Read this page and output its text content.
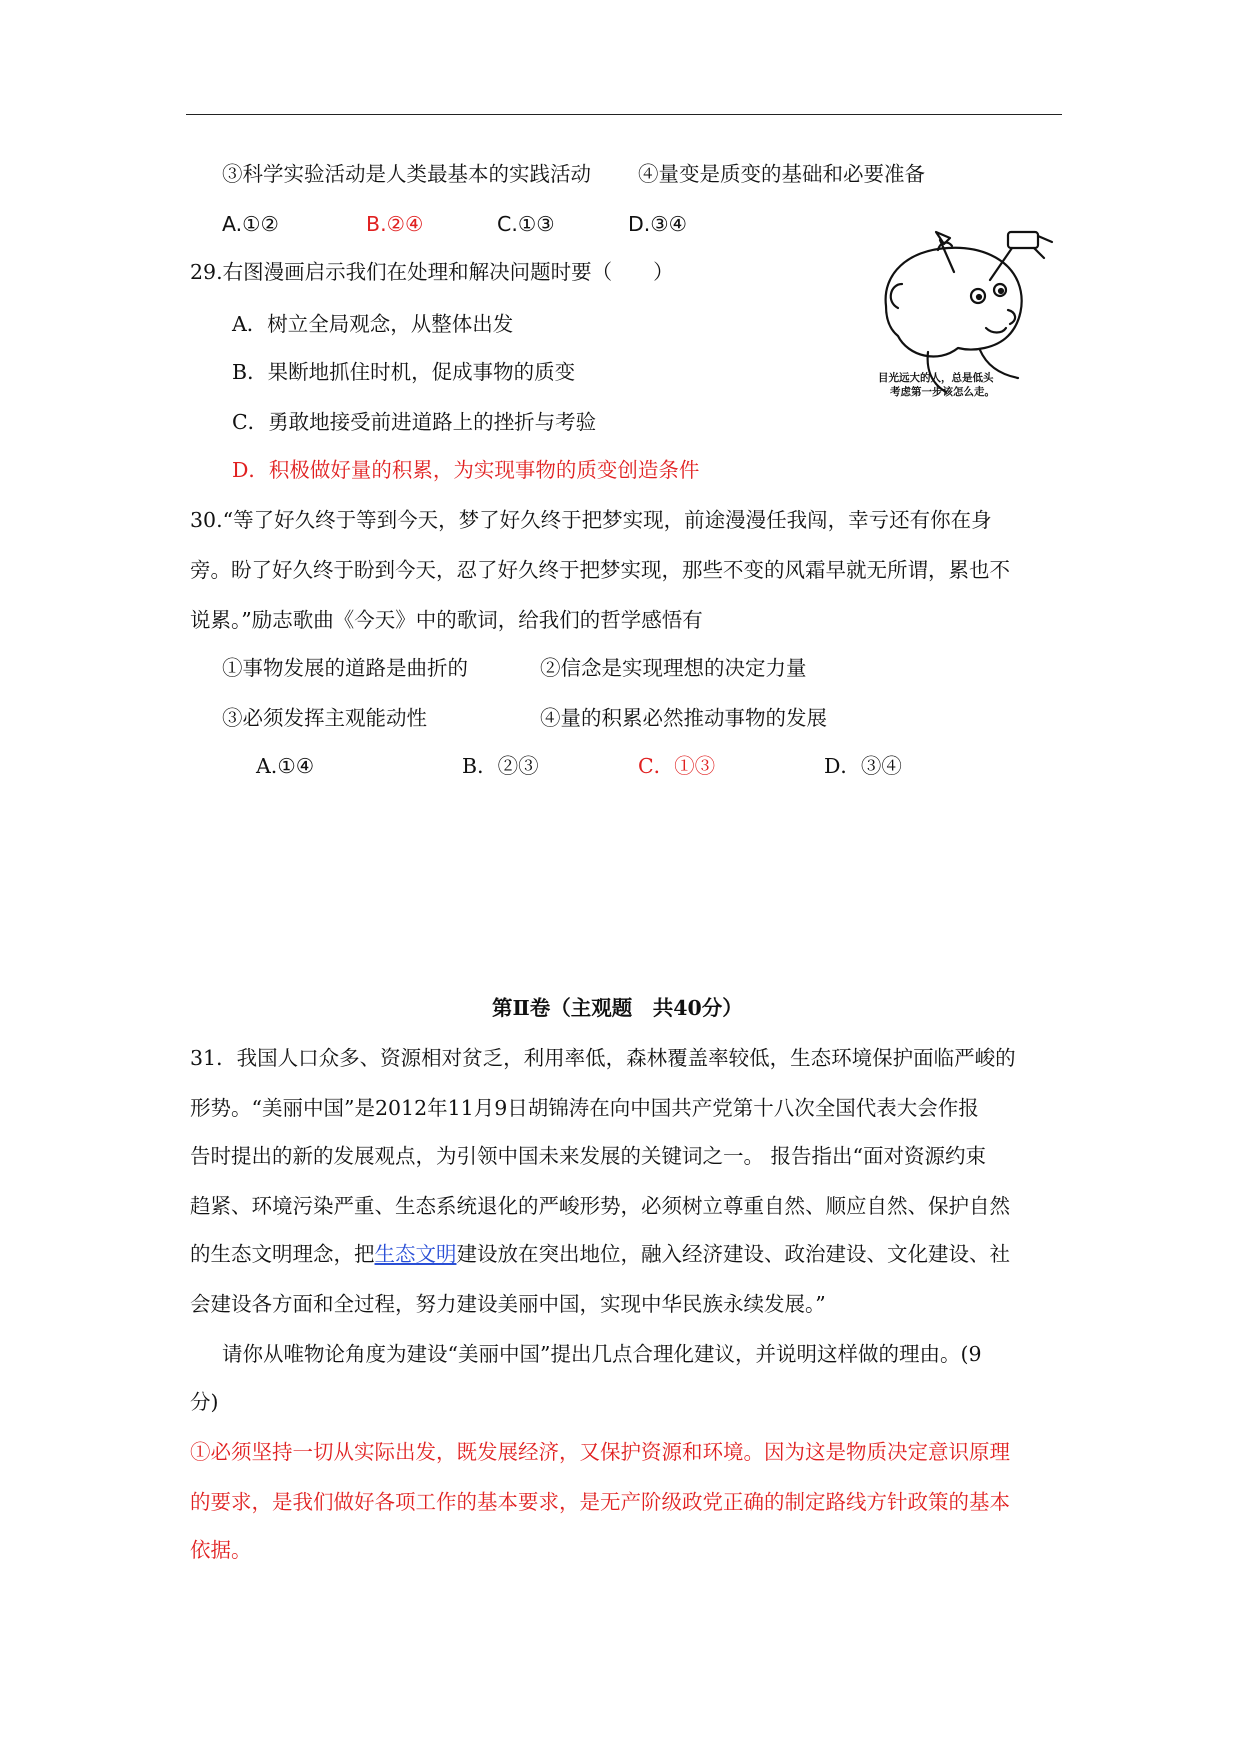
③科学实验活动是人类最基本的实践活动 ④量变是质变的基础和必要准备
A.①②	B.②④	C.①③	D.③④
29.右图漫画启示我们在处理和解决问题时要（　　）
A．树立全局观念，从整体出发
B．果断地抓住时机，促成事物的质变
C．勇敢地接受前进道路上的挫折与考验
D．积极做好量的积累，为实现事物的质变创造条件
目光远大的人，总是低头
考虑第一步该怎么走。
30.“等了好久终于等到今天，梦了好久终于把梦实现，前途漫漫任我闯，幸亏还有你在身
旁。盼了好久终于盼到今天，忍了好久终于把梦实现，那些不变的风霜早就无所谓，累也不
说累。”励志歌曲《今天》中的歌词，给我们的哲学感悟有
①事物发展的道路是曲折的	②信念是实现理想的决定力量
③必须发挥主观能动性	④量的积累必然推动事物的发展
A.①④	B．②③	C．①③	D．③④
第Ⅱ卷（主观题　共40分）
31．我国人口众多、资源相对贫乏，利用率低，森林覆盖率较低，生态环境保护面临严峻的
形势。“美丽中国”是2012年11月9日胡锦涛在向中国共产党第十八次全国代表大会作报
告时提出的新的发展观点，为引领中国未来发展的关键词之一。 报告指出“面对资源约束
趋紧、环境污染严重、生态系统退化的严峻形势，必须树立尊重自然、顺应自然、保护自然
的生态文明理念，把生态文明建设放在突出地位，融入经济建设、政治建设、文化建设、社
会建设各方面和全过程，努力建设美丽中国，实现中华民族永续发展。”
请你从唯物论角度为建设“美丽中国”提出几点合理化建议，并说明这样做的理由。(9
分)
①必须坚持一切从实际出发，既发展经济，又保护资源和环境。因为这是物质决定意识原理
的要求，是我们做好各项工作的基本要求，是无产阶级政党正确的制定路线方针政策的基本
依据。
